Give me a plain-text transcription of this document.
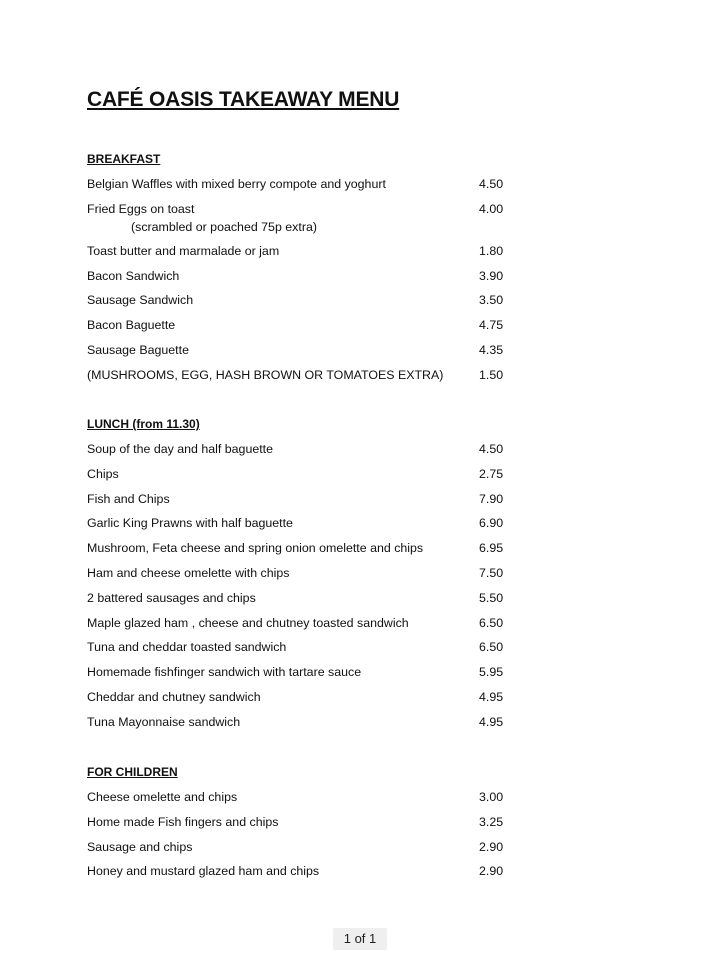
CAFÉ OASIS TAKEAWAY MENU
BREAKFAST
Belgian Waffles with mixed berry compote and yoghurt	4.50
Fried Eggs on toast	4.00
(scrambled or poached 75p extra)
Toast butter and marmalade or jam	1.80
Bacon Sandwich	3.90
Sausage Sandwich	3.50
Bacon Baguette	4.75
Sausage Baguette	4.35
(MUSHROOMS, EGG, HASH BROWN OR TOMATOES EXTRA)	1.50
LUNCH (from 11.30)
Soup of the day and half baguette	4.50
Chips	2.75
Fish and Chips	7.90
Garlic King Prawns with half baguette	6.90
Mushroom, Feta cheese and spring onion omelette and chips	6.95
Ham and cheese omelette with chips	7.50
2 battered sausages and chips	5.50
Maple glazed ham , cheese and chutney toasted sandwich	6.50
Tuna and cheddar toasted sandwich	6.50
Homemade fishfinger sandwich with tartare sauce	5.95
Cheddar and chutney sandwich	4.95
Tuna Mayonnaise sandwich	4.95
FOR CHILDREN
Cheese omelette and chips	3.00
Home made Fish fingers and chips	3.25
Sausage and chips	2.90
Honey and mustard glazed ham and chips	2.90
1 of 1
